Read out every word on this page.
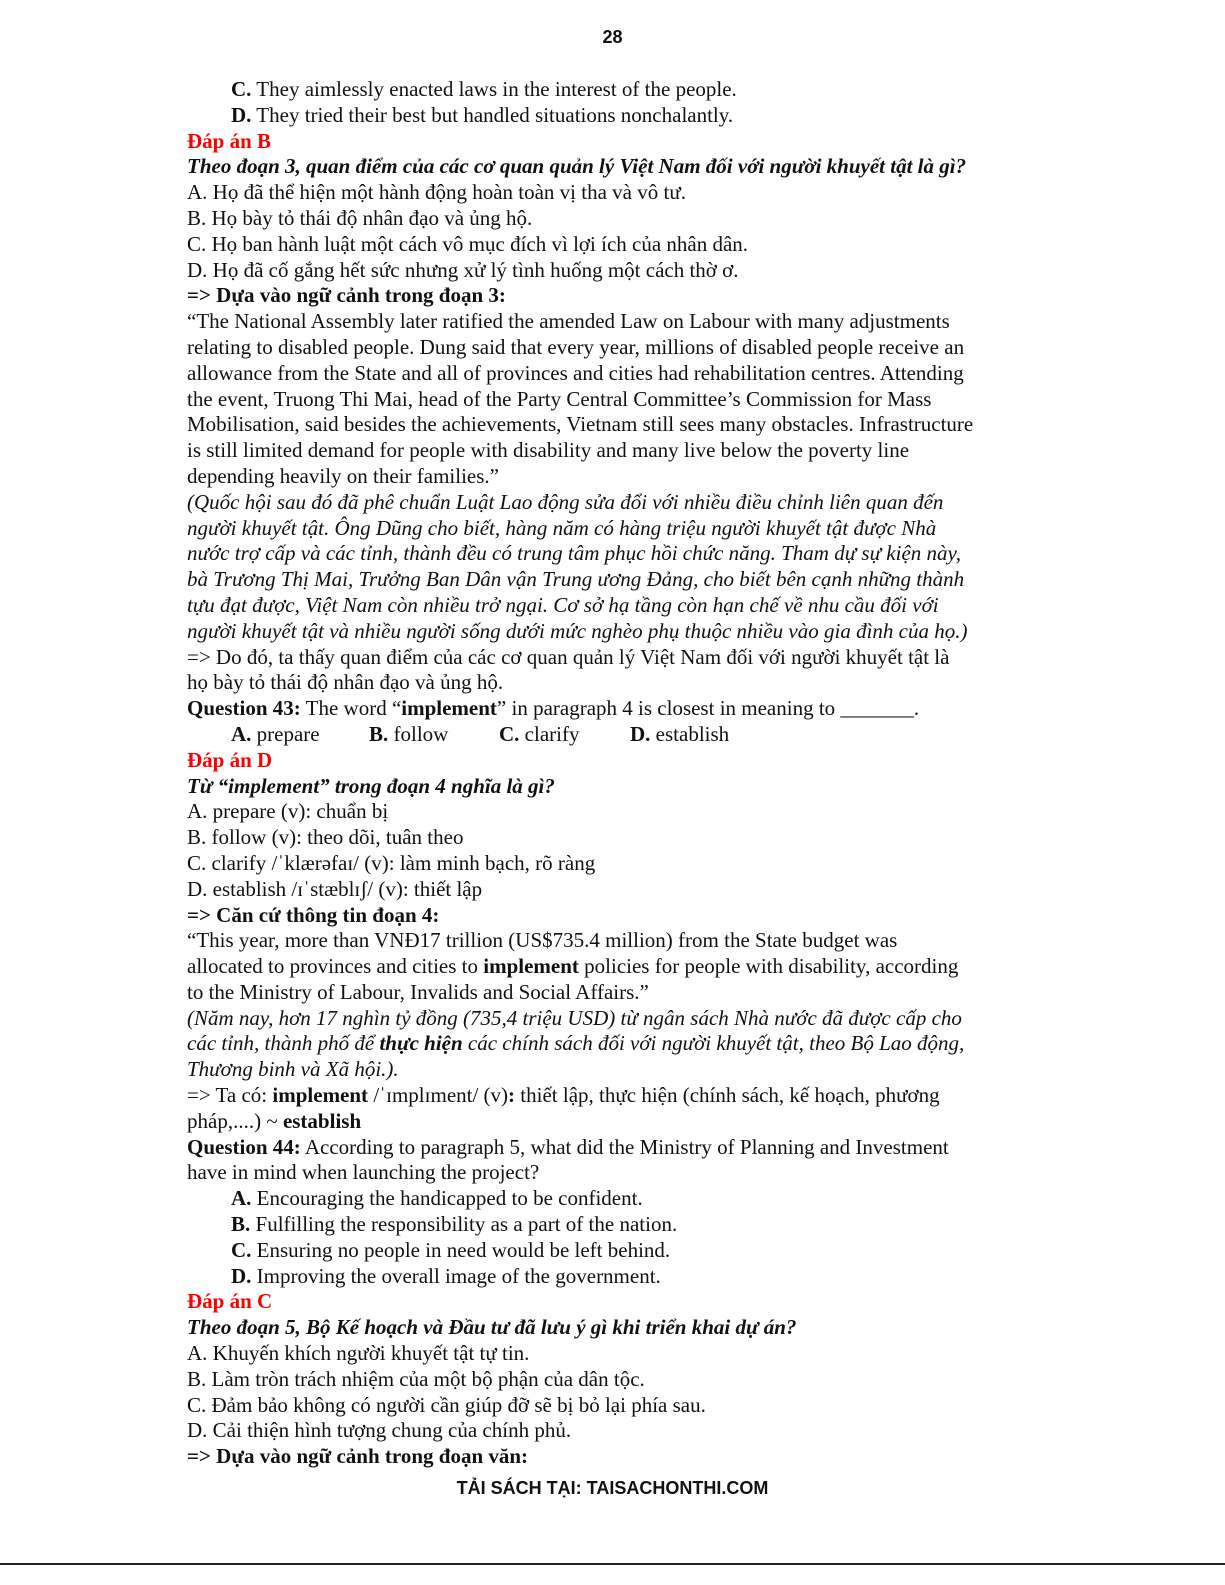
28

C. They aimlessly enacted laws in the interest of the people.

D. They tried their best but handled situations nonchalantly.

Đáp án B

Theo đoạn 3, quan điểm của các cơ quan quản lý Việt Nam đối với người khuyết tật là gì?

A. Họ đã thể hiện một hành động hoàn toàn vị tha và vô tư.

B. Họ bày tỏ thái độ nhân đạo và ủng hộ.

C. Họ ban hành luật một cách vô mục đích vì lợi ích của nhân dân.

D. Họ đã cố gắng hết sức nhưng xử lý tình huống một cách thờ ơ.

=> Dựa vào ngữ cảnh trong đoạn 3:

“The National Assembly later ratified the amended Law on Labour with many adjustments

relating to disabled people. Dung said that every year, millions of disabled people receive an

allowance from the State and all of provinces and cities had rehabilitation centres. Attending

the event, Truong Thi Mai, head of the Party Central Committee’s Commission for Mass

Mobilisation, said besides the achievements, Vietnam still sees many obstacles. Infrastructure

is still limited demand for people with disability and many live below the poverty line

depending heavily on their families.”

(Quốc hội sau đó đã phê chuẩn Luật Lao động sửa đổi với nhiều điều chỉnh liên quan đến

người khuyết tật. Ông Dũng cho biết, hàng năm có hàng triệu người khuyết tật được Nhà

nước trợ cấp và các tỉnh, thành đều có trung tâm phục hồi chức năng. Tham dự sự kiện này,

bà Trương Thị Mai, Trưởng Ban Dân vận Trung ương Đảng, cho biết bên cạnh những thành

tựu đạt được, Việt Nam còn nhiều trở ngại. Cơ sở hạ tầng còn hạn chế về nhu cầu đối với

người khuyết tật và nhiều người sống dưới mức nghèo phụ thuộc nhiều vào gia đình của họ.)

=> Do đó, ta thấy quan điểm của các cơ quan quản lý Việt Nam đối với người khuyết tật là

họ bày tỏ thái độ nhân đạo và ủng hộ.

Question 43: The word “implement” in paragraph 4 is closest in meaning to _______.

A. prepare B. follow C. clarify D. establish

Đáp án D

Từ “implement” trong đoạn 4 nghĩa là gì?

A. prepare (v): chuẩn bị

B. follow (v): theo dõi, tuân theo

C. clarify /ˈklærəfaɪ/ (v): làm minh bạch, rõ ràng

D. establish /ɪˈstæblɪʃ/ (v): thiết lập

=> Căn cứ thông tin đoạn 4:

“This year, more than VNĐ17 trillion (US$735.4 million) from the State budget was

allocated to provinces and cities to implement policies for people with disability, according

to the Ministry of Labour, Invalids and Social Affairs.”

(Năm nay, hơn 17 nghìn tỷ đồng (735,4 triệu USD) từ ngân sách Nhà nước đã được cấp cho

các tỉnh, thành phố để thực hiện các chính sách đối với người khuyết tật, theo Bộ Lao động,

Thương binh và Xã hội.).

=> Ta có: implement /ˈɪmplɪment/ (v): thiết lập, thực hiện (chính sách, kế hoạch, phương

pháp,....) ~ establish

Question 44: According to paragraph 5, what did the Ministry of Planning and Investment

have in mind when launching the project?

A. Encouraging the handicapped to be confident.

B. Fulfilling the responsibility as a part of the nation.

C. Ensuring no people in need would be left behind.

D. Improving the overall image of the government.

Đáp án C

Theo đoạn 5, Bộ Kế hoạch và Đầu tư đã lưu ý gì khi triển khai dự án?

A. Khuyến khích người khuyết tật tự tin.

B. Làm tròn trách nhiệm của một bộ phận của dân tộc.

C. Đảm bảo không có người cần giúp đỡ sẽ bị bỏ lại phía sau.

D. Cải thiện hình tượng chung của chính phủ.

=> Dựa vào ngữ cảnh trong đoạn văn:

TẢI SÁCH TẠI: TAISACHONTHI.COM
